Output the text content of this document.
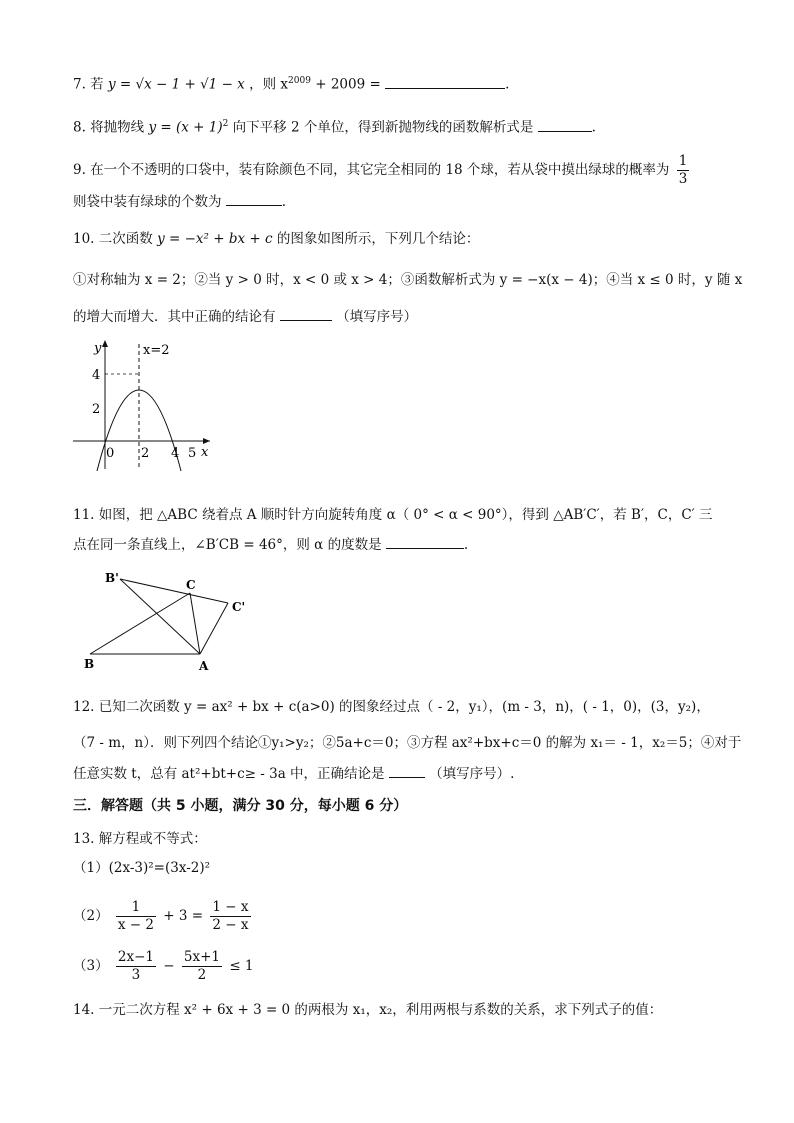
7. 若 y = √x − 1 + √1 − x ，则 $x^{2009} + 2009$ =	.
8. 将抛物线 $y = (x + 1)^2$ 向下平移 2 个单位，得到新抛物线的函数解析式是	.
9. 在一个不透明的口袋中，装有除颜色不同，其它完全相同的 18 个球，若从袋中摸出绿球的概率为 $\frac{1}{3}$
则袋中装有绿球的个数为	.
10. 二次函数 y = −x² + bx + c 的图象如图所示，下列几个结论：
①对称轴为 x = 2；②当 y > 0 时，x < 0 或 x > 4；③函数解析式为 y = −x(x − 4)；④当 x ≤ 0 时，y 随 x
的增大而增大．其中正确的结论有	（填写序号）
y
x
x=2
4
2
0 2 4 5
11. 如图，把 △ABC 绕着点 A 顺时针方向旋转角度 α（ 0° < α < 90°），得到 △AB′C′，若 B′，C，C′ 三
点在同一条直线上，∠B′CB = 46°，则 α 的度数是	.
B'	C
C'
B	A
12. 已知二次函数 y = ax² + bx + c(a>0) 的图象经过点（ - 2，y₁），(m - 3，n)，( - 1，0)，(3，y₂)，
（7 - m，n）．则下列四个结论①y₁>y₂；②5a+c＝0；③方程 ax²+bx+c＝0 的解为 x₁＝ - 1，x₂＝5；④对于
任意实数 t，总有 at²+bt+c≥ - 3a 中，正确结论是	（填写序号）.
三．解答题（共 5 小题，满分 30 分，每小题 6 分）
13. 解方程或不等式：
（1）(2x-3)²=(3x-2)²
$(2) \frac{1}{x - 2} + 3 = \frac{1 - x}{2 - x}$
$(3) \frac{2x-1}{3} - \frac{5x+1}{2} \le 1$
14. 一元二次方程 x² + 6x + 3 = 0 的两根为 x₁，x₂，利用两根与系数的关系，求下列式子的值：
